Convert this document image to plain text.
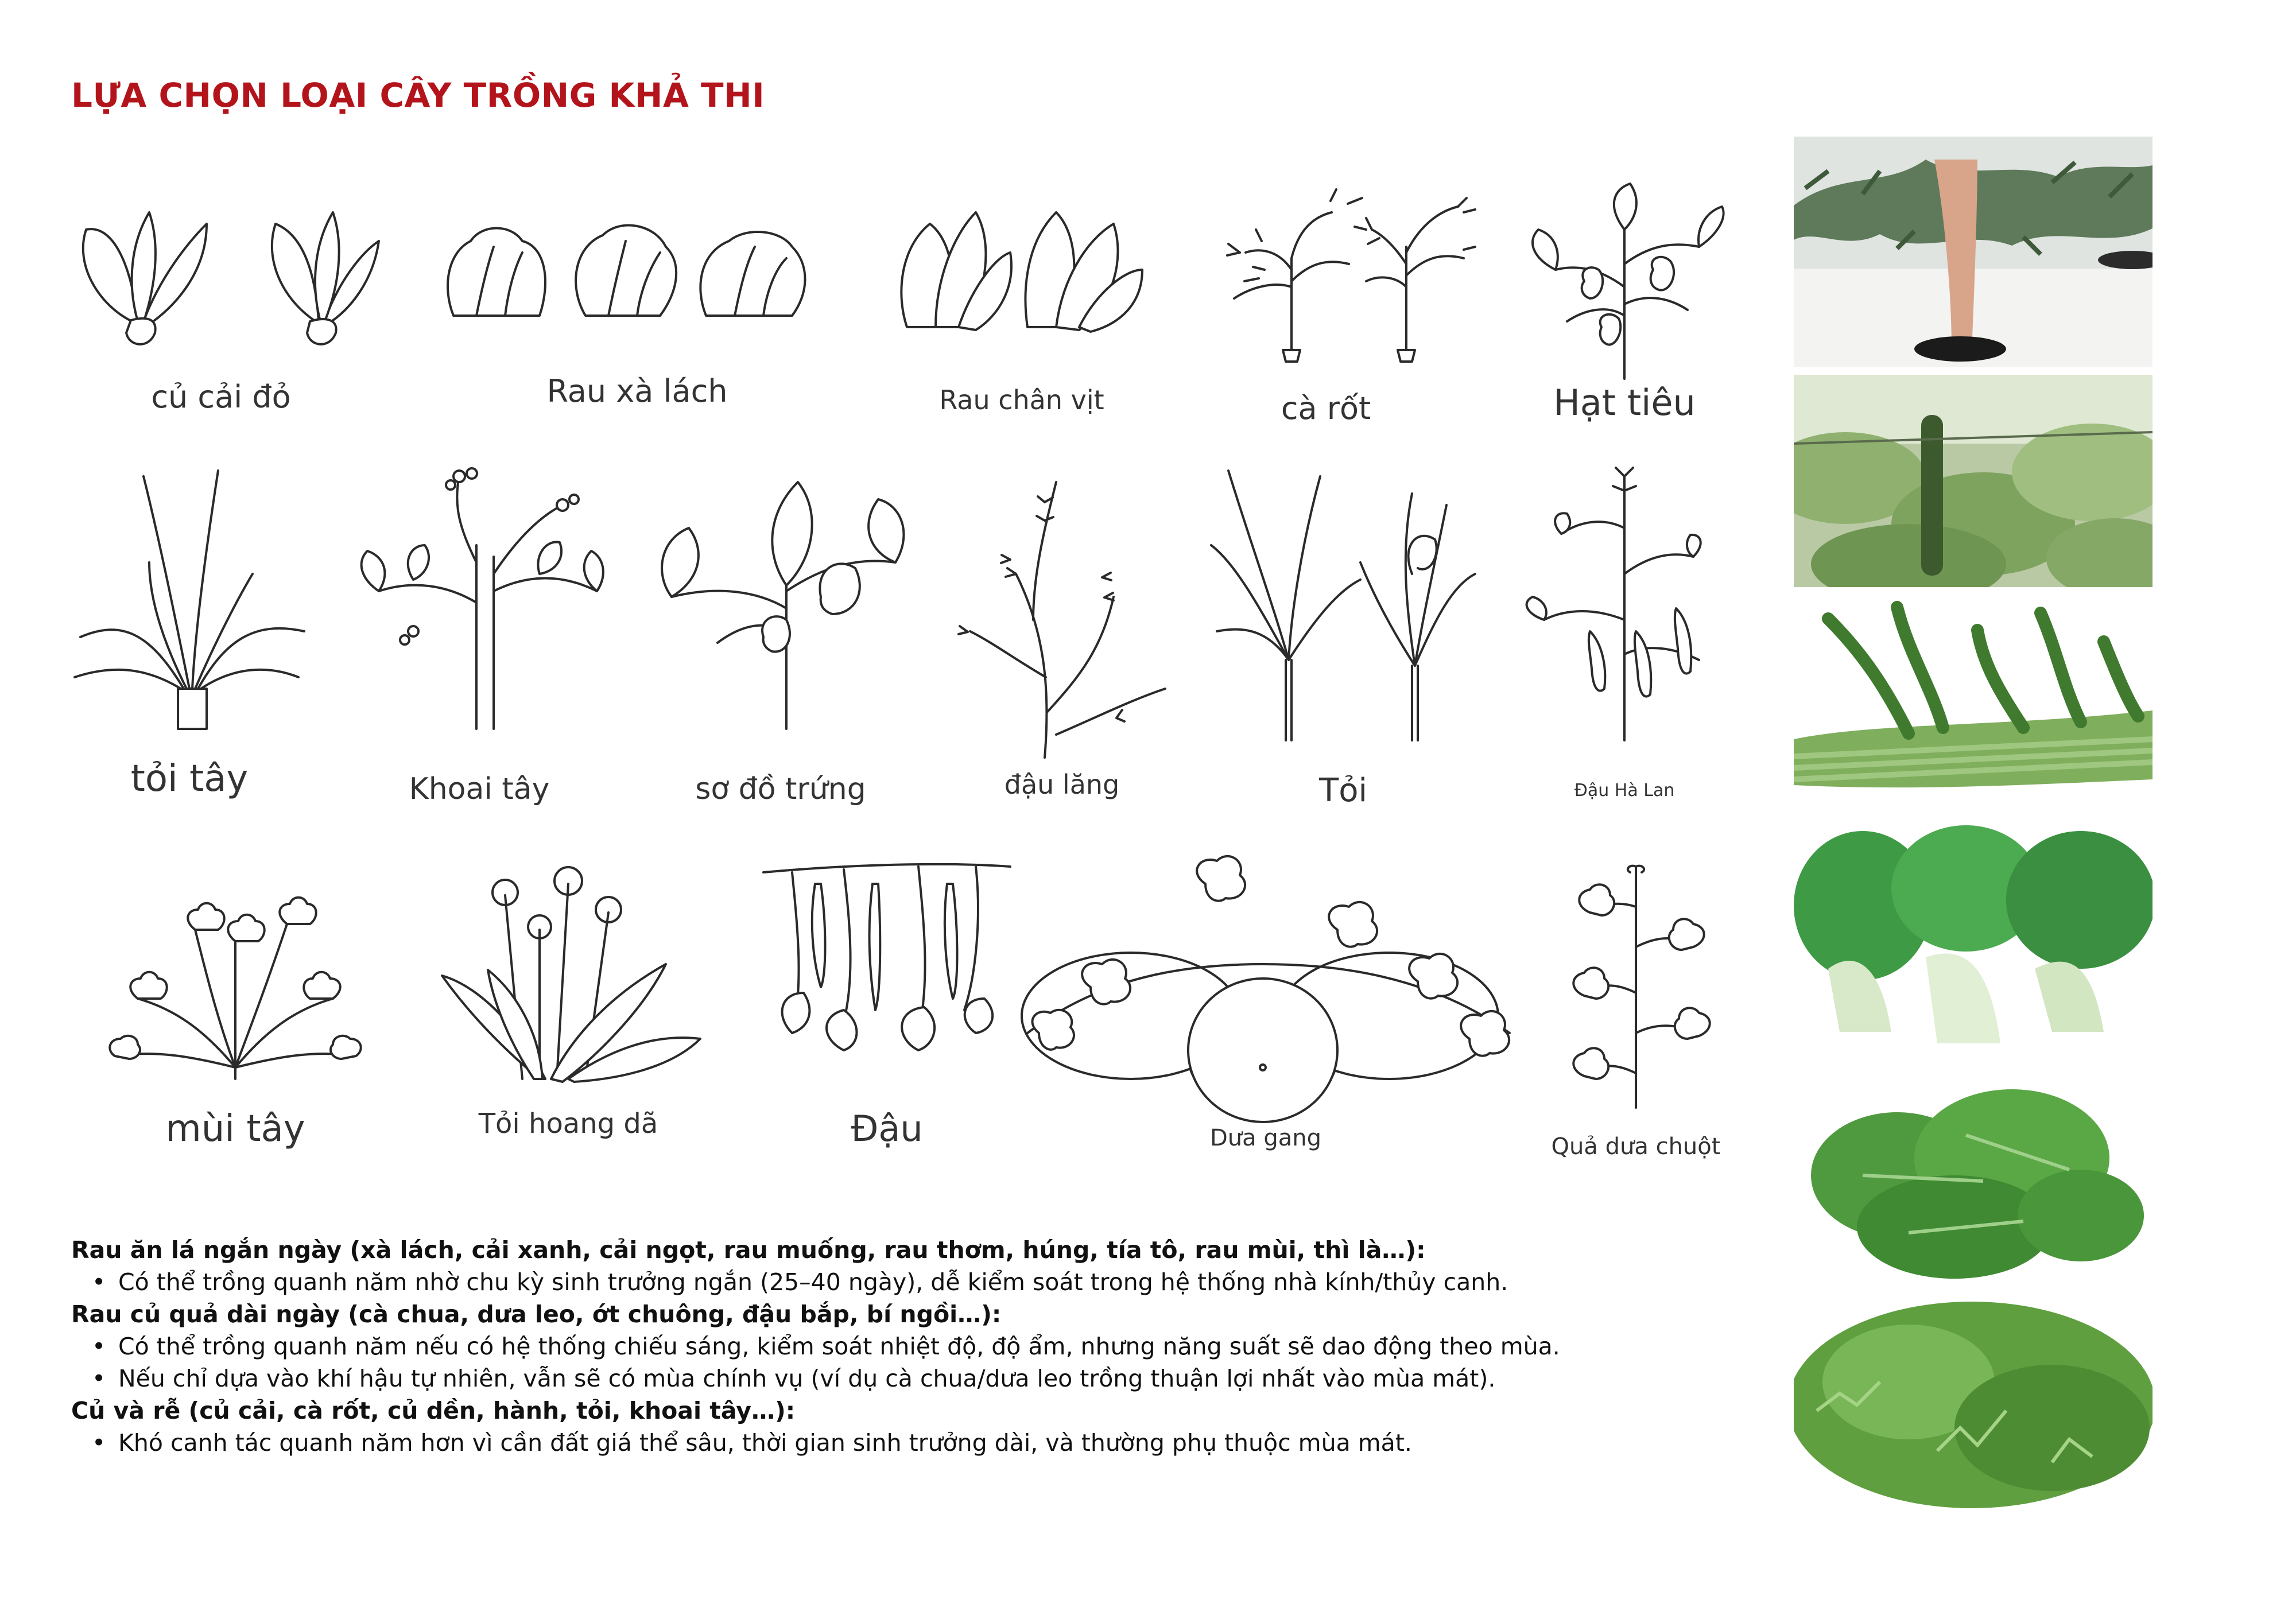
LỰA CHỌN LOẠI CÂY TRỒNG KHẢ THI
củ cải đỏ	Rau xà lách	Rau chân vịt	cà rốt	Hạt tiêu
tỏi tây	Khoai tây	sơ đồ trứng	đậu lăng	Tỏi	Đậu Hà Lan
mùi tây	Tỏi hoang dã	Đậu	Dưa gang	Quả dưa chuột
Rau ăn lá ngắn ngày (xà lách, cải xanh, cải ngọt, rau muống, rau thơm, húng, tía tô, rau mùi, thì là…):
• Có thể trồng quanh năm nhờ chu kỳ sinh trưởng ngắn (25–40 ngày), dễ kiểm soát trong hệ thống nhà kính/thủy canh.
Rau củ quả dài ngày (cà chua, dưa leo, ớt chuông, đậu bắp, bí ngồi…):
• Có thể trồng quanh năm nếu có hệ thống chiếu sáng, kiểm soát nhiệt độ, độ ẩm, nhưng năng suất sẽ dao động theo mùa.
• Nếu chỉ dựa vào khí hậu tự nhiên, vẫn sẽ có mùa chính vụ (ví dụ cà chua/dưa leo trồng thuận lợi nhất vào mùa mát).
Củ và rễ (củ cải, cà rốt, củ dền, hành, tỏi, khoai tây…):
• Khó canh tác quanh năm hơn vì cần đất giá thể sâu, thời gian sinh trưởng dài, và thường phụ thuộc mùa mát.
